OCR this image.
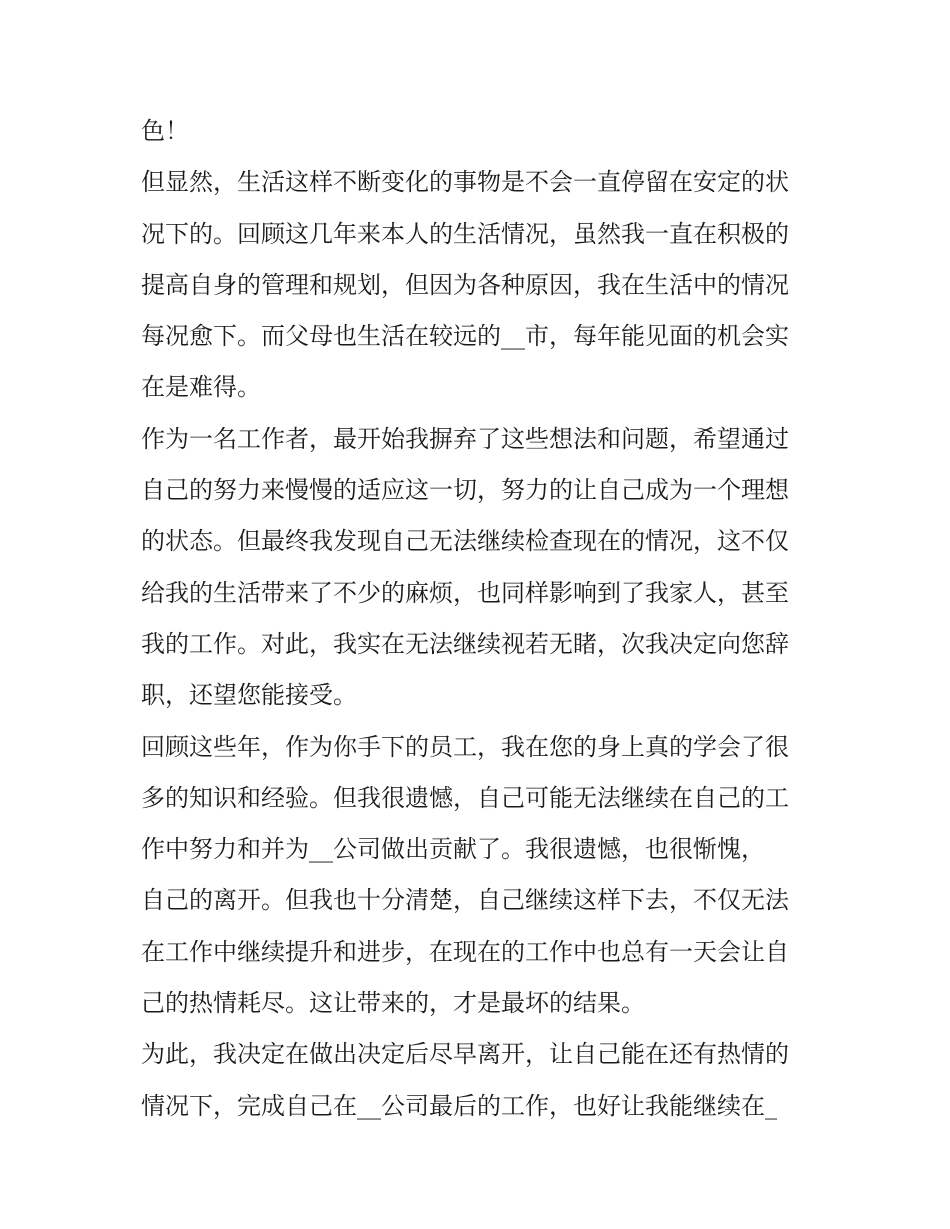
色！
但显然，生活这样不断变化的事物是不会一直停留在安定的状
况下的。回顾这几年来本人的生活情况，虽然我一直在积极的
提高自身的管理和规划，但因为各种原因，我在生活中的情况
每况愈下。而父母也生活在较远的__市，每年能见面的机会实
在是难得。
作为一名工作者，最开始我摒弃了这些想法和问题，希望通过
自己的努力来慢慢的适应这一切，努力的让自己成为一个理想
的状态。但最终我发现自己无法继续检查现在的情况，这不仅
给我的生活带来了不少的麻烦，也同样影响到了我家人，甚至
我的工作。对此，我实在无法继续视若无睹，次我决定向您辞
职，还望您能接受。
回顾这些年，作为你手下的员工，我在您的身上真的学会了很
多的知识和经验。但我很遗憾，自己可能无法继续在自己的工
作中努力和并为__公司做出贡献了。我很遗憾，也很惭愧，
自己的离开。但我也十分清楚，自己继续这样下去，不仅无法
在工作中继续提升和进步，在现在的工作中也总有一天会让自
己的热情耗尽。这让带来的，才是最坏的结果。
为此，我决定在做出决定后尽早离开，让自己能在还有热情的
情况下，完成自己在__公司最后的工作，也好让我能继续在_
